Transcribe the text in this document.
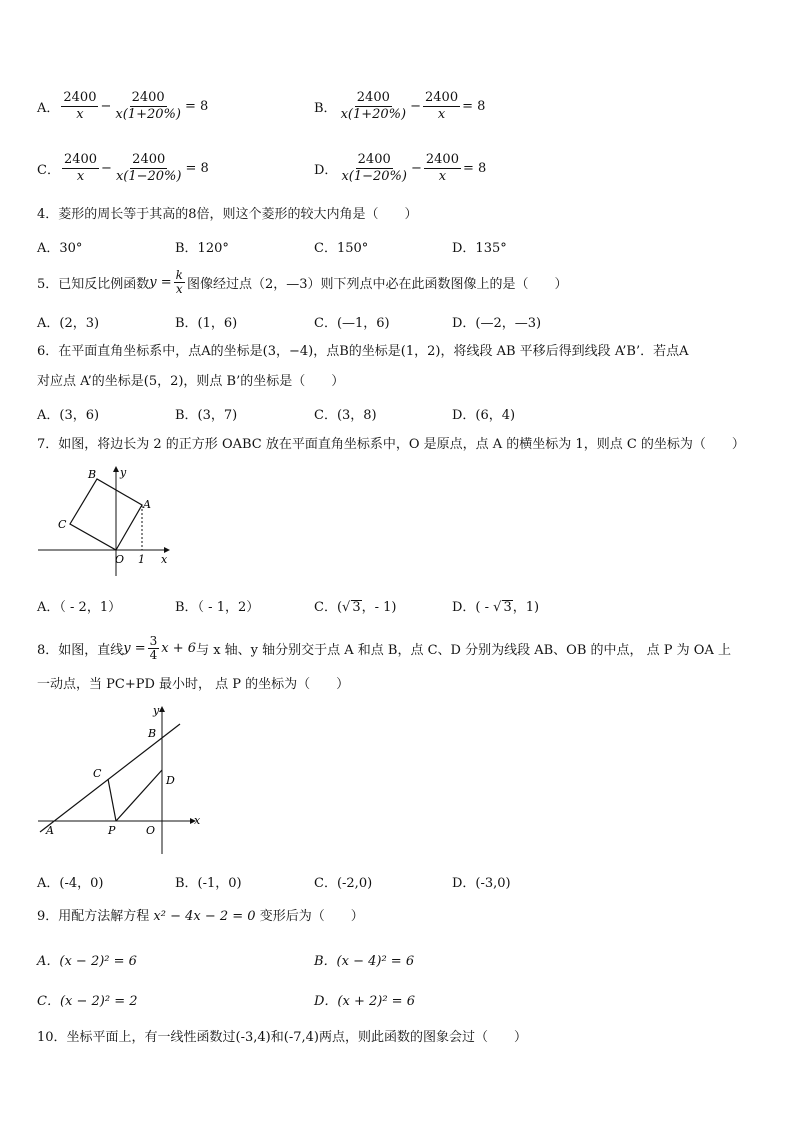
A． $\frac{2400}{x} - \frac{2400}{x(1+20\%)} = 8$	B． $\frac{2400}{x(1+20\%)} - \frac{2400}{x} = 8$
C． $\frac{2400}{x} - \frac{2400}{x(1-20\%)} = 8$	D． $\frac{2400}{x(1-20\%)} - \frac{2400}{x} = 8$
4．菱形的周长等于其高的8倍，则这个菱形的较大内角是（　　）
A．30°	B．120°	C．150°	D．135°
5．已知反比例函数 $y = \frac{k}{x}$ 图像经过点（2，—3）则下列点中必在此函数图像上的是（　　）
A．(2，3)	B．(1，6)	C．(—1，6)	D．(—2，—3)
6．在平面直角坐标系中，点A的坐标是(3，−4)，点B的坐标是(1，2)，将线段 AB 平移后得到线段 A’B’．若点A
对应点 A’的坐标是(5，2)，则点 B’的坐标是（　　）
A．(3，6)	B．(3，7)	C．(3，8)	D．(6，4)
7．如图，将边长为 2 的正方形 OABC 放在平面直角坐标系中，O 是原点，点 A 的横坐标为 1，则点 C 的坐标为（　　）
B y
A
C
O 1 x
A．（ - 2，1）	B．（ - 1，2）	C．(√ 3，- 1)	D．( - √ 3，1)
8．如图，直线 $y = \frac{3}{4}$ x + 6 与 x 轴、y 轴分别交于点 A 和点 B，点 C、D 分别为线段 AB、OB 的中点， 点 P 为 OA 上
一动点，当 PC+PD 最小时， 点 P 的坐标为（　　）
y
B
C
D
A	P	O
x
A．(-4，0)	B．(-1，0)	C．(-2,0)	D．(-3,0)
9．用配方法解方程 x² − 4x − 2 = 0 变形后为（　　）
A．(x − 2)² = 6	B．(x − 4)² = 6
C．(x − 2)² = 2	D．(x + 2)² = 6
10．坐标平面上，有一线性函数过(-3,4)和(-7,4)两点，则此函数的图象会过（　　）
